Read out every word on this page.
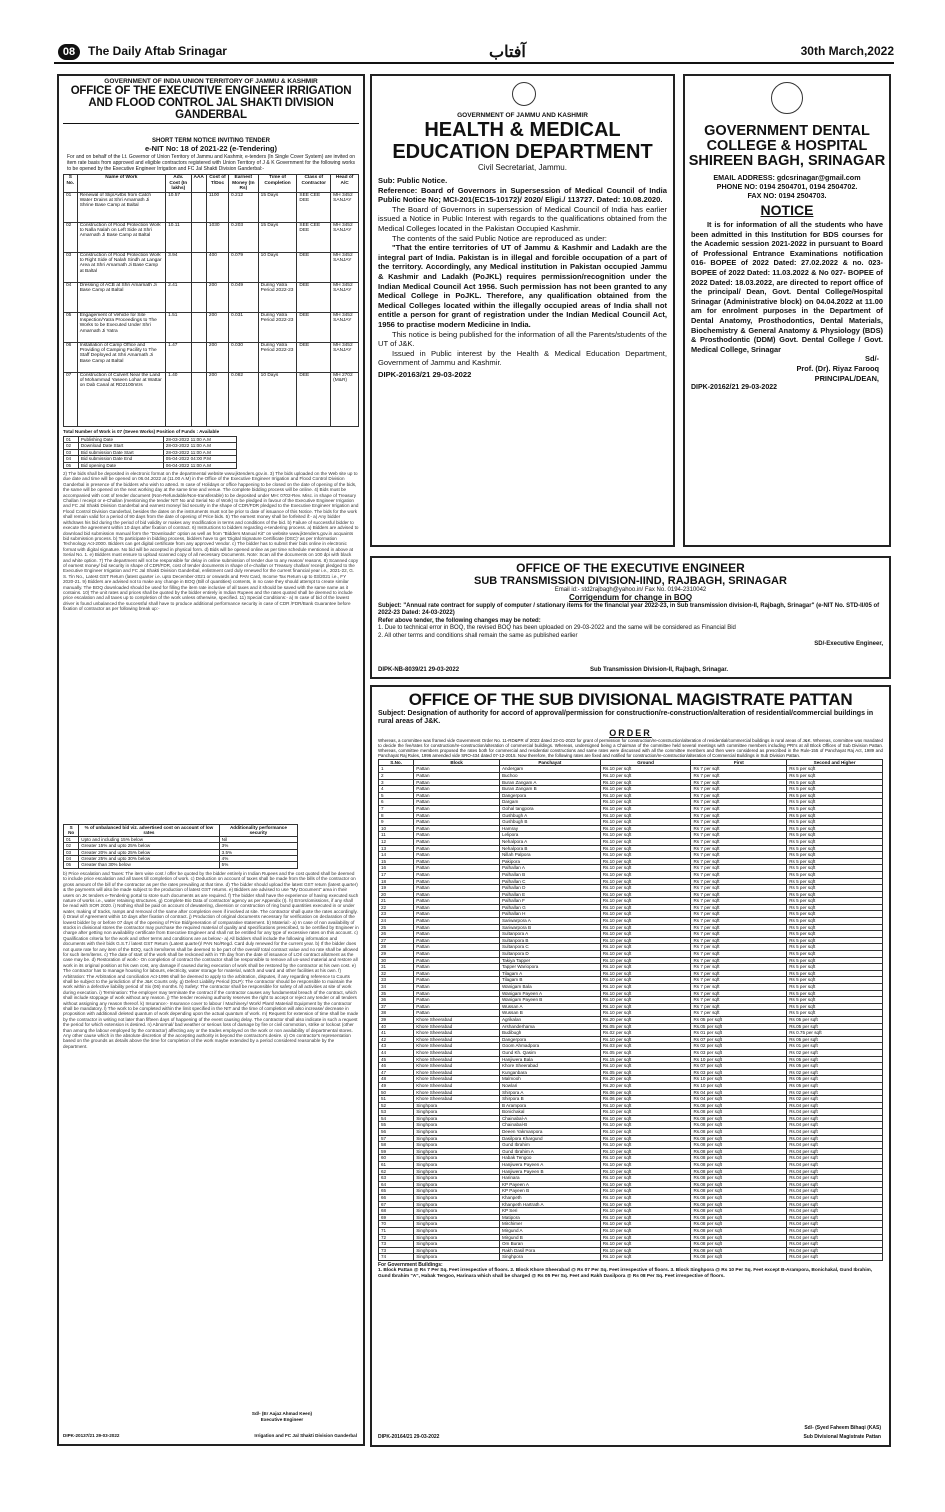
08	The Daily Aftab Srinagar	آفتاب	30th March,2022
GOVERNMENT OF INDIA UNION TERRITORY OF JAMMU & KASHMIR
OFFICE OF THE EXECUTIVE ENGINEER IRRIGATION
AND FLOOD CONTROL JAL SHAKTI DIVISION GANDERBAL
SHORT TERM NOTICE INVITING TENDER
e-NIT No: 18 of 2021-22 (e-Tendering)
For and on behalf of the Lt. Governor of Union Territory of Jammu and Kashmir, e-tenders (In Single Cover System) are invited on item rate basis from approved and eligible contractors registered with Union Territory of J & K Government for the following works to be opened by the Executive Engineer Irrigation and FC Jal Shakti Division Ganderbal:-
S No.	Name of Work	Adv. Cost (In lakhs)	AAA	Cost of T/Doc	Earnest Money (In Rs)	Time of Completion	Class of Contractor	Head of A/C
01	Renewal of Slip/Avtbs from Catch Water Drains at Shri Amarnath Ji Shrine Base Camp at Baltal	10.57		1100	0.212	15 Days	SEE CEE DEE	MH 3452 SANJAY
02	Construction of Flood Protection Work to Nalla Nalah on Left Side at Shri Amarnath Ji Base Camp at Baltal	10.11		1030	0.203	15 Days	SEE CEE DEE	MH 3452 SANJAY
03	Construction of Flood Protection Work to Right Side of Nalah Sindh at Langar Area at Shri Amarnath Ji Base Camp at Baltal	3.94		400	0.079	10 Days	DEE	MH 3452 SANJAY
04	Dressing of ACB at Shri Amarnath Ji Base Camp at Baltal	2.41		200	0.049	During Yatra Period 2022-23	DEE	MH 3452 SANJAY
05	Engagement of Vehicle for Site Inspection/Yatra Proceedings to The Works to be Executed Under Shri Amarnath Ji Yatra	1.51		200	0.031	During Yatra Period 2022-23	DEE	MH 3452 SANJAY
06	Installation of Camp Office and Providing of Camping Facility to The Staff Deployed at Shri Amarnath Ji Base Camp at Baltal	1.47		200	0.030	During Yatra Period 2022-23	DEE	MH 3452 SANJAY
07	Construction of Culvert Near the Land of Mohammad Yaseen Lohar at Wattar on Dab Canal at RD2100mtrs	1.40		200	0.082	10 Days	DEE	MH 2702 (M&R)
Total Number of Work is 07 (Seven Works) Position of Funds : Available
01	Publishing Date	28-03-2022 11:00 A.M
02	Download Date Start	28-03-2022 11:00 A.M
03	Bid submission Date Start	28-03-2022 11:00 A.M
04	Bid submission Date End	05-04-2022 04:00 P.M
05	Bid opening Date	06-04-2022 11:00 A.M
2) The bids shall be deposited in electronic format on the departmental website www.jktenders.gov.in. 3) The bids uploaded on the Web site up to due date and time will be opened on 06.04.2022 at (11.00 A.M) in the Office of the Executive Engineer Irrigation and Flood Control Division Ganderbal in presence of the bidders who wish to attend. In case of Holidays or office happening to be closed on the date of opening of the bids, the same will be opened on the next working day at the same time and venue. The complete bidding process will be online. 4) Bids must be accompanied with cost of tender document (Non-Refundable/Non-transferable) to be deposited under MH: 0702-Rev. Misc. in shape of Treasury Challan / receipt or e-Challan (mentioning the tender NIT No and Serial No of Work) to be pledged in favour of the Executive Engineer Irrigation and FC Jal Shakti Division Ganderbal and earnest money/ bid security in the shape of CDR/FDR pledged to the Executive Engineer Irrigation and Flood Control Division Ganderbal, besides the dates on the instruments must not be prior to date of issuance of this Notice. The bids for the work shall remain valid for a period of 90 days from the date of opening of Price bids. 5) The earnest money shall be forfeited if:- a) Any bidder withdraws his bid during the period of bid validity or makes any modification in terms and conditions of the bid. b) Failure of successful bidder to execute the agreement within 10 days after fixation of contract. 6) Instructions to bidders regarding e-tendering process. a) Bidders are advised to download bid submission manual form the "Downloads" option as well as from "Bidders Manual Kit" on website www.jktenders.gov.in acquaints bid submission process. b) To participate in bidding process, bidders have to get 'Digital Signature Certificate (DSC)' as per Information Technology Act-2000. Bidders can get digital certificate from any approved Vendor. c) The bidder has to submit their bids online in electronic format with digital signature. No bid will be accepted in physical form. d) Bids will be opened online as per time schedule mentioned in above at Serial No. 1. e) Bidders must ensure to upload scanned copy of all necessary Documents. Note: Scan all the documents on 100 dpi with black and white option. 7) The department will not be responsible for delay in online submission of tender due to any reason/ reasons. 8) Scanned copy of earnest money/ bid security in shape of CDR/FDR, cost of tender documents in shape of e-challan or Treasury challan/ receipt pledged to the Executive Engineer Irrigation and FC Jal Shakti Division Ganderbal, enlistment card duly renewed for the current financial year i.e., 2021-22, G. S. Tin No., Latest GST Return (latest quarter i.e. upto December-2021 or onwards and PAN Card, Income Tax Return up to 03/2021 i.e., FY 2020-21. 9) Bidders are advised not to make any change in BOQ (Bill of quantities) contents, in no case they should attempt to create similar manually. The BOQ downloaded should be used for filling the item rate inclusive of all taxes and it should be saved with the same name as it contains. 10) The unit rates and prices shall be quoted by the bidder entirely in Indian Rupees and the rates quoted shall be deemed to include price escalation and all taxes up to completion of the work unless otherwise, specified. 11) Special Conditions:- a) In case of bid of the lowest driver is found unbalanced the successful shall have to produce additional performance security in case of CDR /FDR/Bank Guarantee before fixation of contractor as per following break up:-
S No	% of unbalanced bid viz. advertised cost on account of low rates	Additionality performance security
01	Upto and including 15% below	Nil
02	Greater 15% and upto 25% below	3%
03	Greater 20% and upto 25% below	3.5%
04	Greater 25% and upto 30% below	4%
05	Greater than 30% below	5%
b) Price escalation and Taxes: The item wise cost / offer be quoted by the bidder entirely in Indian Rupees and the cost quoted shall be deemed to include price escalation and all taxes till completion of work. c) Deduction on account of taxes shall be made from the bills of the contractor on gross amount of the bill of the contractor as per the rates prevailing at that time. d) The bidder should upload the latest GST return (latest quarter) & the payments will also be made subject to the production of latest GST returns. e) Bidders are advised to use "My Document" area in their users on JK tenders e-Tendering portal to store such documents as are required. f) The bidder shall have the experience of having executed such nature of works i.e., water retaining structures. g) Complete Bio Data of contractor/ agency as per Appendix (I). h) Errors/omissions, if any shall be read with SOR 2020. i) Nothing shall be paid on account of dewatering, diversion or construction of ring bund quantities executed in or under water, making of tracks, ramps and removal of the same after completion even if involved at site. The contractor shall quote the rates accordingly. i) Drawl of Agreement within 10 days after fixation of contract. j) Production of original documents necessary for verification on declaration of the lowest bidder by or before 07 days of the opening of Price Bid/generation of comparative statement. b) Material:- a) In case of non availability of stocks in divisional stores the contractor may purchase the required material of quality and specifications prescribed, to be certified by Engineer in charge after getting non availability certificate from Executive Engineer and shall not be entitled for any type of excessive rates on this account. c) Qualification criteria for the work and other terms and conditions are as below:- a) All bidders shall include the following information and documents with their bids G.S.T./ latest GST Return (Latest quarter)/ PAN No/Regd. Card duly renewed for the current year. b) If the bidder does not quote rate for any item of the BOQ, such item/items shall be deemed to be part of the overall/ total contract value and no rate shall be allowed for such item/items. c) The date of start of the work shall be reckoned with in 7th day from the date of issuance of LOI/ contract allotment as the case may be. d) Restoration of work:- On completion of contract the contractor shall be responsible to remove all un-used material and restore all work in its original position at his own cost, any damage if caused during execution of work shall be restored by the contractor at his own cost. e) The contractor has to manage housing for labours, electricity, water storage for material, watch and ward and other facilities at his own. f) Arbitration: The Arbitration and conciliation Act-1996 shall be deemed to apply to the arbitration, disputes, if any regarding reference to Courts shall be subject to the jurisdiction of the J&K Courts only. g) Defect Liability Period (DLP): The contractor should be responsible to maintain the work within a defective liability period of Six (06) months. h) Safety: The contractor shall be responsible for safety of all activities at site of work during execution. i) Termination: The employer may terminate the contract if the contractor causes any fundamental breach of the contract, which shall include stoppage of work without any reason. j) The tender receiving authority reserves the right to accept or reject any tender or all tenders without assigning any reason thereof. k) Insurance:- Insurance cover to labour / Machinery/ Work/ Plant/ Material/ Equipment by the contractor shall be mandatory. l) The work to be completed within the limit specified in the NIT and the time of completion will also increase/ decrease in proposition with additional/ deleted quantum of work depending upon the actual quantum of work. m) Request for extension of time shall be made by the contractor in writing not later than fifteen days of happening of the event causing delay. The contractor shall also indicate in such a request the period for which extension is desired. n) Abnormal/ bad weather or serious loss of damage by fire or civil commotion, strike or lockout (other than among the labour employed by the contractor) affecting any or the trades employed on the work or non availability of departmental stores. Any other cause which in the absolute discretion of the accepting authority is beyond the contractor's desire. o) On contractor's representation based on the grounds as details above the time for completion of the work maybe extended by a period considered reasonable by the department.
Sd/- (Er Aajaz Ahmad Keen)
Executive Engineer
DIPK-20137/21 29-03-2022	Irrigation and FC Jal Shakti Division Ganderbal
GOVERNMENT OF JAMMU AND KASHMIR
HEALTH & MEDICAL
EDUCATION DEPARTMENT
Civil Secretariat, Jammu.
Sub: Public Notice.
Reference: Board of Governors in Supersession of Medical Council of India Public Notice No; MCI-201(EC15-10172)/ 2020/ Eligi./ 113727. Dated: 10.08.2020.
The Board of Governors in supersession of Medical Council of India has earlier issued a Notice in Public Interest with regards to the qualifications obtained from the Medical Colleges located in the Pakistan Occupied Kashmir.
The contents of the said Public Notice are reproduced as under:
"That the entire territories of UT of Jammu & Kashmir and Ladakh are the integral part of India. Pakistan is in illegal and forcible occupation of a part of the territory. Accordingly, any Medical institution in Pakistan occupied Jammu & Kashmir and Ladakh (PoJKL) requires permission/recognition under the Indian Medical Council Act 1956. Such permission has not been granted to any Medical College in PoJKL. Therefore, any qualification obtained from the Medical Colleges located within the illegally occupied areas of India shall not entitle a person for grant of registration under the Indian Medical Council Act, 1956 to practise modern Medicine in India.
This notice is being published for the information of all the Parents/students of the UT of J&K.
Issued in Public interest by the Health & Medical Education Department, Government of Jammu and Kashmir.
DIPK-20163/21 29-03-2022
GOVERNMENT DENTAL
COLLEGE & HOSPITAL
SHIREEN BAGH, SRINAGAR
EMAIL ADDRESS: gdcsrinagar@gmail.com
PHONE NO: 0194 2504701, 0194 2504702.
FAX NO: 0194 2504703.
NOTICE
It is for information of all the students who have been admitted in this Institution for BDS courses for the Academic session 2021-2022 in pursuant to Board of Professional Entrance Examinations notification 016- BOPEE of 2022 Dated: 27.02.2022 & no. 023- BOPEE of 2022 Dated: 11.03.2022 & No 027- BOPEE of 2022 Dated: 18.03.2022, are directed to report office of the principal/ Dean, Govt. Dental College/Hospital Srinagar (Administrative block) on 04.04.2022 at 11.00 am for enrolment purposes in the Department of Dental Anatomy, Prosthodontics, Dental Materials, Biochemistry & General Anatomy & Physiology (BDS) & Prosthodontic (DDM) Govt. Dental College / Govt. Medical College, Srinagar
Sd/-
Prof. (Dr). Riyaz Farooq
PRINCIPAL/DEAN,
DIPK-20162/21 29-03-2022
OFFICE OF THE EXECUTIVE ENGINEER
SUB TRANSMISSION DIVISION-IIND, RAJBAGH, SRINAGAR
Email id:- std2rajbagh@yahoo.in/ Fax No. 0194-2310042
Corrigendum for change in BOQ
Subject: "Annual rate contract for supply of computer / stationary items for the financial year 2022-23, in Sub transmission division-II, Rajbagh, Srinagar" (e-NIT No. STD-II/05 of 2022-23 Dated: 24-03-2022)
Refer above tender, the following changes may be noted:
1. Due to technical error in BOQ, the revised BOQ has been uploaded on 29-03-2022 and the same will be considered as Financial Bid
2. All other terms and conditions shall remain the same as published earlier
SD/-Executive Engineer,
DIPK-NB-8039/21 29-03-2022	Sub Transmission Division-II, Rajbagh, Srinagar.
OFFICE OF THE SUB DIVISIONAL MAGISTRATE PATTAN
Subject: Designation of authority for accord of approval/permission for construction/re-construction/alteration of residential/commercial buildings in rural areas of J&K.
ORDER
Whereas, a committee was framed vide Government Order No. 11-RD&PR of 2022 dated 22-01-2022 for grant of permission for construction/re-construction/alteration of residential/commercial buildings in rural areas of J&K. Whereas, committee was mandated to decide the fee/rates for construction/re-construction/alteration of commercial buildings. Whereas, undersigned being a Chairman of the committee held several meetings with committee members including PRI's at all Block Offices of Sub Division Pattan. Whereas, committee members proposed the rates both for commercial and residential constructions and same rates were discussed with all the committee members and then were considered as prescribed in the Rule-155 of Panchayat Raj Act, 1989 and Panchayat Raj Rules, 1996 amended vide SRO-434 dated 07-12-2015. Now therefore, the following rates are fixed and notified for construction/re-construction/alteration of Commercial Buildings in Sub Division Pattan.
S.No.	Block	Panchayat	Ground	First	Second and Higher
1	Pattan	Andergam	Rs.10 per sqft	Rs 7 per sqft	Rs 5 per sqft
2	Pattan	Buchoo	Rs.10 per sqft	Rs 7 per sqft	Rs 5 per sqft
3	Pattan	Buran Zangam A	Rs.10 per sqft	Rs 7 per sqft	Rs 5 per sqft
4	Pattan	Buran Zangam B	Rs.10 per sqft	Rs 7 per sqft	Rs 5 per sqft
5	Pattan	Dangerpora	Rs.10 per sqft	Rs 7 per sqft	Rs 5 per sqft
6	Pattan	Dargam	Rs.10 per sqft	Rs 7 per sqft	Rs 5 per sqft
7	Pattan	Gohal tangpora	Rs.10 per sqft	Rs 7 per sqft	Rs 5 per sqft
8	Pattan	Gushbugh A	Rs.10 per sqft	Rs 7 per sqft	Rs 5 per sqft
9	Pattan	Gushbugh B	Rs.10 per sqft	Rs 7 per sqft	Rs 5 per sqft
10	Pattan	Hamray	Rs.10 per sqft	Rs 7 per sqft	Rs 5 per sqft
11	Pattan	Lelipora	Rs.10 per sqft	Rs 7 per sqft	Rs 5 per sqft
12	Pattan	Nehalpora A	Rs.10 per sqft	Rs 7 per sqft	Rs 5 per sqft
13	Pattan	Nehalpora B	Rs.10 per sqft	Rs 7 per sqft	Rs 5 per sqft
14	Pattan	Nillah Palpora	Rs.10 per sqft	Rs 7 per sqft	Rs 5 per sqft
15	Pattan	Pakipora	Rs.10 per sqft	Rs 7 per sqft	Rs 5 per sqft
16	Pattan	Palhallan A	Rs.10 per sqft	Rs 7 per sqft	Rs 5 per sqft
17	Pattan	Palhallan B	Rs.10 per sqft	Rs 7 per sqft	Rs 5 per sqft
18	Pattan	Palhallan C	Rs.10 per sqft	Rs 7 per sqft	Rs 5 per sqft
19	Pattan	Palhallan D	Rs.10 per sqft	Rs 7 per sqft	Rs 5 per sqft
20	Pattan	Palhallan E	Rs.10 per sqft	Rs 7 per sqft	Rs 5 per sqft
21	Pattan	Palhallan F	Rs.10 per sqft	Rs 7 per sqft	Rs 5 per sqft
22	Pattan	Palhallan G	Rs.10 per sqft	Rs 7 per sqft	Rs 5 per sqft
23	Pattan	Palhallan H	Rs.10 per sqft	Rs 7 per sqft	Rs 5 per sqft
24	Pattan	Sariwarpora A	Rs.10 per sqft	Rs 7 per sqft	Rs 5 per sqft
25	Pattan	Sariwarpora B	Rs.10 per sqft	Rs 7 per sqft	Rs 5 per sqft
26	Pattan	Sultanpora A	Rs.10 per sqft	Rs 7 per sqft	Rs 5 per sqft
27	Pattan	Sultanpora B	Rs.10 per sqft	Rs 7 per sqft	Rs 5 per sqft
28	Pattan	Sultanpora C	Rs.10 per sqft	Rs 7 per sqft	Rs 5 per sqft
29	Pattan	Sultanpora D	Rs.10 per sqft	Rs 7 per sqft	Rs 5 per sqft
30	Pattan	Takiya Tapper	Rs.10 per sqft	Rs 7 per sqft	Rs 5 per sqft
31	Pattan	Tapper Wariopora	Rs.10 per sqft	Rs 7 per sqft	Rs 5 per sqft
32	Pattan	Tilagam A	Rs.10 per sqft	Rs 7 per sqft	Rs 5 per sqft
33	Pattan	Tilagam B	Rs.10 per sqft	Rs 7 per sqft	Rs 5 per sqft
34	Pattan	Wanigam Bala	Rs.10 per sqft	Rs 7 per sqft	Rs 5 per sqft
35	Pattan	Wanigam Payeen A	Rs.10 per sqft	Rs 7 per sqft	Rs 5 per sqft
36	Pattan	Wanigam Payeen B	Rs.10 per sqft	Rs 7 per sqft	Rs 5 per sqft
37	Pattan	Wussan A	Rs.10 per sqft	Rs 7 per sqft	Rs 5 per sqft
38	Pattan	Wussan B	Rs.10 per sqft	Rs 7 per sqft	Rs 5 per sqft
39	Khore Sheerabad	Agrikalan	Rs.20 per sqft	Rs 05 per sqft	Rs 05 per sqft
40	Khore Sheerabad	Arshanderhama	Rs.05 per sqft	Rs.05 per sqft	Rs.05 per sqft
41	Khore Sheerabad	Budibugh	Rs.02 per sqft	Rs 01 per sqft	Rs 0.75 per sqft
42	Khore Sheerabad	Dangerpora	Rs.10 per sqft	Rs 07 per sqft	Rs 05 per sqft
43	Khore Sheerabad	Goom Ahmadpora	Rs.03 per sqft	Rs 02 per sqft	Rs 01 per sqft
44	Khore Sheerabad	Gund Kh. Qasim	Rs.05 per sqft	Rs 03 per sqft	Rs 02 per sqft
45	Khore Sheerabad	Hanjiwera Bala	Rs.15 per sqft	Rs 10 per sqft	Rs 05 per sqft
46	Khore Sheerabad	Khore Sheerabad	Rs.10 per sqft	Rs 07 per sqft	Rs 05 per sqft
47	Khore Sheerabad	Kunganbara	Rs.05 per sqft	Rs 03 per sqft	Rs 02 per sqft
48	Khore Sheerabad	Malmooh	Rs.20 per sqft	Rs 10 per sqft	Rs 05 per sqft
49	Khore Sheerabad	Nowlari	Rs.20 per sqft	Rs 10 per sqft	Rs 05 per sqft
50	Khore Sheerabad	Shirpora A	Rs.06 per sqft	Rs 04 per sqft	Rs 02 per sqft
51	Khore Sheerabad	Shirpora B	Rs.06 per sqft	Rs 04 per sqft	Rs 02 per sqft
52	Singhpora	B Arampora	Rs.10 per sqft	Rs.08 per sqft	Rs.04 per sqft
53	Singhpora	Bonichakal	Rs.10 per sqft	Rs.08 per sqft	Rs.04 per sqft
54	Singhpora	Chainabal-A	Rs.10 per sqft	Rs.08 per sqft	Rs.04 per sqft
55	Singhpora	Chainabal-B	Rs.10 per sqft	Rs.08 per sqft	Rs.04 per sqft
56	Singhpora	Deeen Yakmanpora	Rs.10 per sqft	Rs.08 per sqft	Rs.04 per sqft
57	Singhpora	Dasilpora Khargund	Rs.10 per sqft	Rs.08 per sqft	Rs.04 per sqft
58	Singhpora	Gund Ibrahim	Rs.10 per sqft	Rs.08 per sqft	Rs.04 per sqft
59	Singhpora	Gund Ibrahim A	Rs.10 per sqft	Rs.08 per sqft	Rs.04 per sqft
60	Singhpora	Habak Tengoo	Rs.10 per sqft	Rs.08 per sqft	Rs.04 per sqft
61	Singhpora	Hanjiwera Payeen A	Rs.10 per sqft	Rs.08 per sqft	Rs.04 per sqft
62	Singhpora	Hanjiwera Payeen B	Rs.10 per sqft	Rs.08 per sqft	Rs.04 per sqft
63	Singhpora	Harinara	Rs.10 per sqft	Rs.08 per sqft	Rs.04 per sqft
64	Singhpora	KP Payeen A	Rs.10 per sqft	Rs.08 per sqft	Rs.04 per sqft
65	Singhpora	KP Payeen B	Rs.10 per sqft	Rs.08 per sqft	Rs.04 per sqft
66	Singhpora	Khanpeth	Rs.10 per sqft	Rs.08 per sqft	Rs.04 per sqft
67	Singhpora	Khanpeth Hartrath A	Rs.10 per sqft	Rs.08 per sqft	Rs.04 per sqft
68	Singhpora	KP Seri	Rs.10 per sqft	Rs.08 per sqft	Rs.04 per sqft
69	Singhpora	Matipora	Rs.10 per sqft	Rs.08 per sqft	Rs.04 per sqft
70	Singhpora	Mirchimer	Rs.10 per sqft	Rs.08 per sqft	Rs.04 per sqft
71	Singhpora	Mirgund A	Rs.10 per sqft	Rs.08 per sqft	Rs.04 per sqft
72	Singhpora	Mirgund B	Rs.10 per sqft	Rs.08 per sqft	Rs.04 per sqft
73	Singhpora	Om Buran	Rs.10 per sqft	Rs.08 per sqft	Rs.04 per sqft
73	Singhpora	Rakh Dasil Pora	Rs.10 per sqft	Rs.08 per sqft	Rs.04 per sqft
74	Singhpora	Singhpora	Rs.10 per sqft	Rs.08 per sqft	Rs.04 per sqft
For Government Buildings:
1. Block Pattan @ Rs 7 Per Sq. Feet irrespective of floors. 2. Block Khore Sheerabad @ Rs 07 Per Sq. Feet irrespective of floors. 3. Block Singhpora @ Rs 10 Per Sq. Feet except B-Arampora, Bonichakal, Gund Ibrahim, Gund Ibrahim "A", Habak Tengoo, Harinara which shall be charged @ Rs 05 Per Sq. Feet and Rakh Dasilpora @ Rs 08 Per Sq. Feet irrespective of floors.
Sd/- (Syed Faheem Bihaqi (KAS)
Sub Divisional Magistrate Pattan
DIPK-20164/21 29-03-2022
